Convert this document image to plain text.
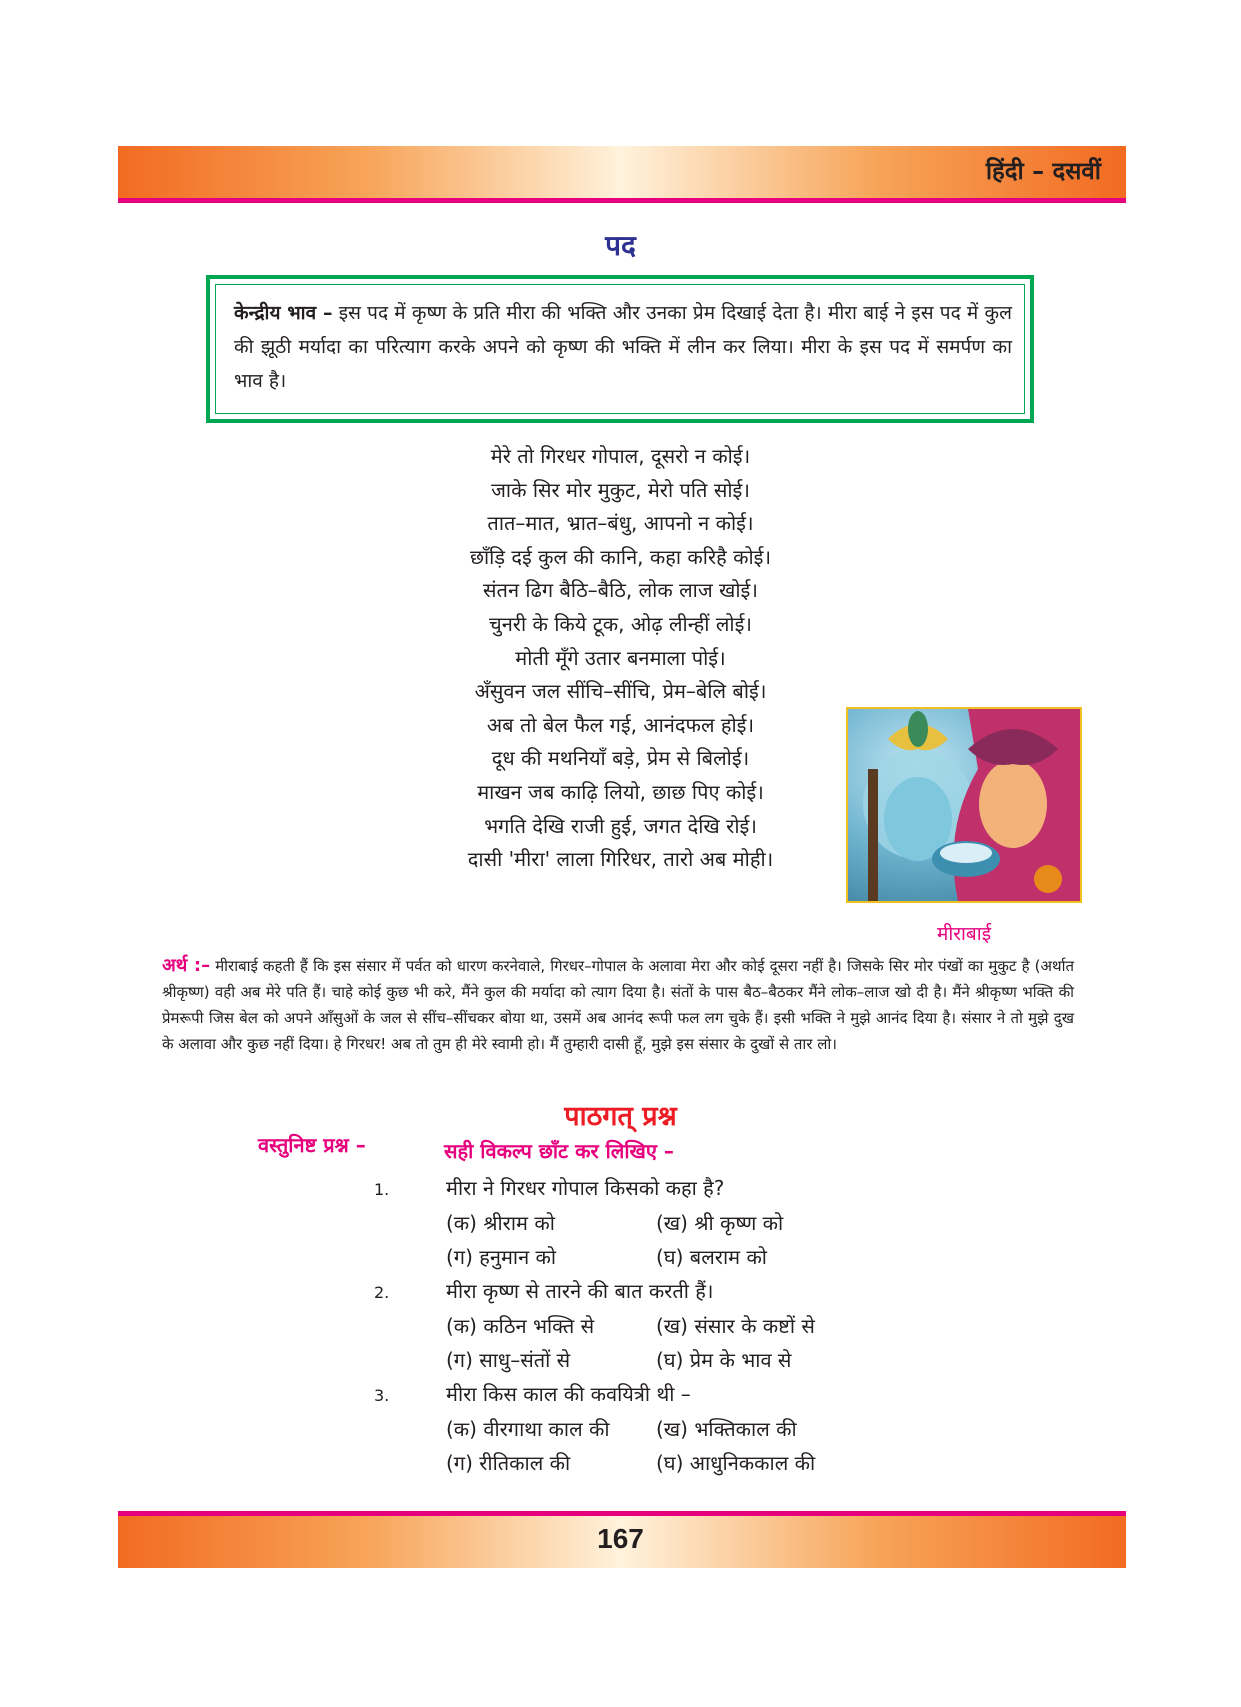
हिंदी – दसवीं
पद
केन्द्रीय भाव – इस पद में कृष्ण के प्रति मीरा की भक्ति और उनका प्रेम दिखाई देता है। मीरा बाई ने इस पद में कुल की झूठी मर्यादा का परित्याग करके अपने को कृष्ण की भक्ति में लीन कर लिया। मीरा के इस पद में समर्पण का भाव है।
मेरे तो गिरधर गोपाल, दूसरो न कोई।
जाके सिर मोर मुकुट, मेरो पति सोई।
तात–मात, भ्रात–बंधु, आपनो न कोई।
छाँड़ि दई कुल की कानि, कहा करिहै कोई।
संतन ढिग बैठि–बैठि, लोक लाज खोई।
चुनरी के किये टूक, ओढ़ लीन्हीं लोई।
मोती मूँगे उतार बनमाला पोई।
अँसुवन जल सींचि–सींचि, प्रेम–बेलि बोई।
अब तो बेल फैल गई, आनंदफल होई।
दूध की मथनियाँ बड़े, प्रेम से बिलोई।
माखन जब काढ़ि लियो, छाछ पिए कोई।
भगति देखि राजी हुई, जगत देखि रोई।
दासी 'मीरा' लाला गिरिधर, तारो अब मोही।
मीराबाई
अर्थ :– मीराबाई कहती हैं कि इस संसार में पर्वत को धारण करनेवाले, गिरधर–गोपाल के अलावा मेरा और कोई दूसरा नहीं है। जिसके सिर मोर पंखों का मुकुट है (अर्थात श्रीकृष्ण) वही अब मेरे पति हैं। चाहे कोई कुछ भी करे, मैंने कुल की मर्यादा को त्याग दिया है। संतों के पास बैठ–बैठकर मैंने लोक–लाज खो दी है। मैंने श्रीकृष्ण भक्ति की प्रेमरूपी जिस बेल को अपने आँसुओं के जल से सींच–सींचकर बोया था, उसमें अब आनंद रूपी फल लग चुके हैं। इसी भक्ति ने मुझे आनंद दिया है। संसार ने तो मुझे दुख के अलावा और कुछ नहीं दिया। हे गिरधर! अब तो तुम ही मेरे स्वामी हो। मैं तुम्हारी दासी हूँ, मुझे इस संसार के दुखों से तार लो।
पाठगत् प्रश्न
वस्तुनिष्ट प्रश्न –	सही विकल्प छाँट कर लिखिए –
1.	मीरा ने गिरधर गोपाल किसको कहा है?
(क) श्रीराम को	(ख) श्री कृष्ण को
(ग) हनुमान को	(घ) बलराम को
2.	मीरा कृष्ण से तारने की बात करती हैं।
(क) कठिन भक्ति से	(ख) संसार के कष्टों से
(ग) साधु–संतों से	(घ) प्रेम के भाव से
3.	मीरा किस काल की कवयित्री थी –
(क) वीरगाथा काल की (ख) भक्तिकाल की
(ग) रीतिकाल की	(घ) आधुनिककाल की
167
